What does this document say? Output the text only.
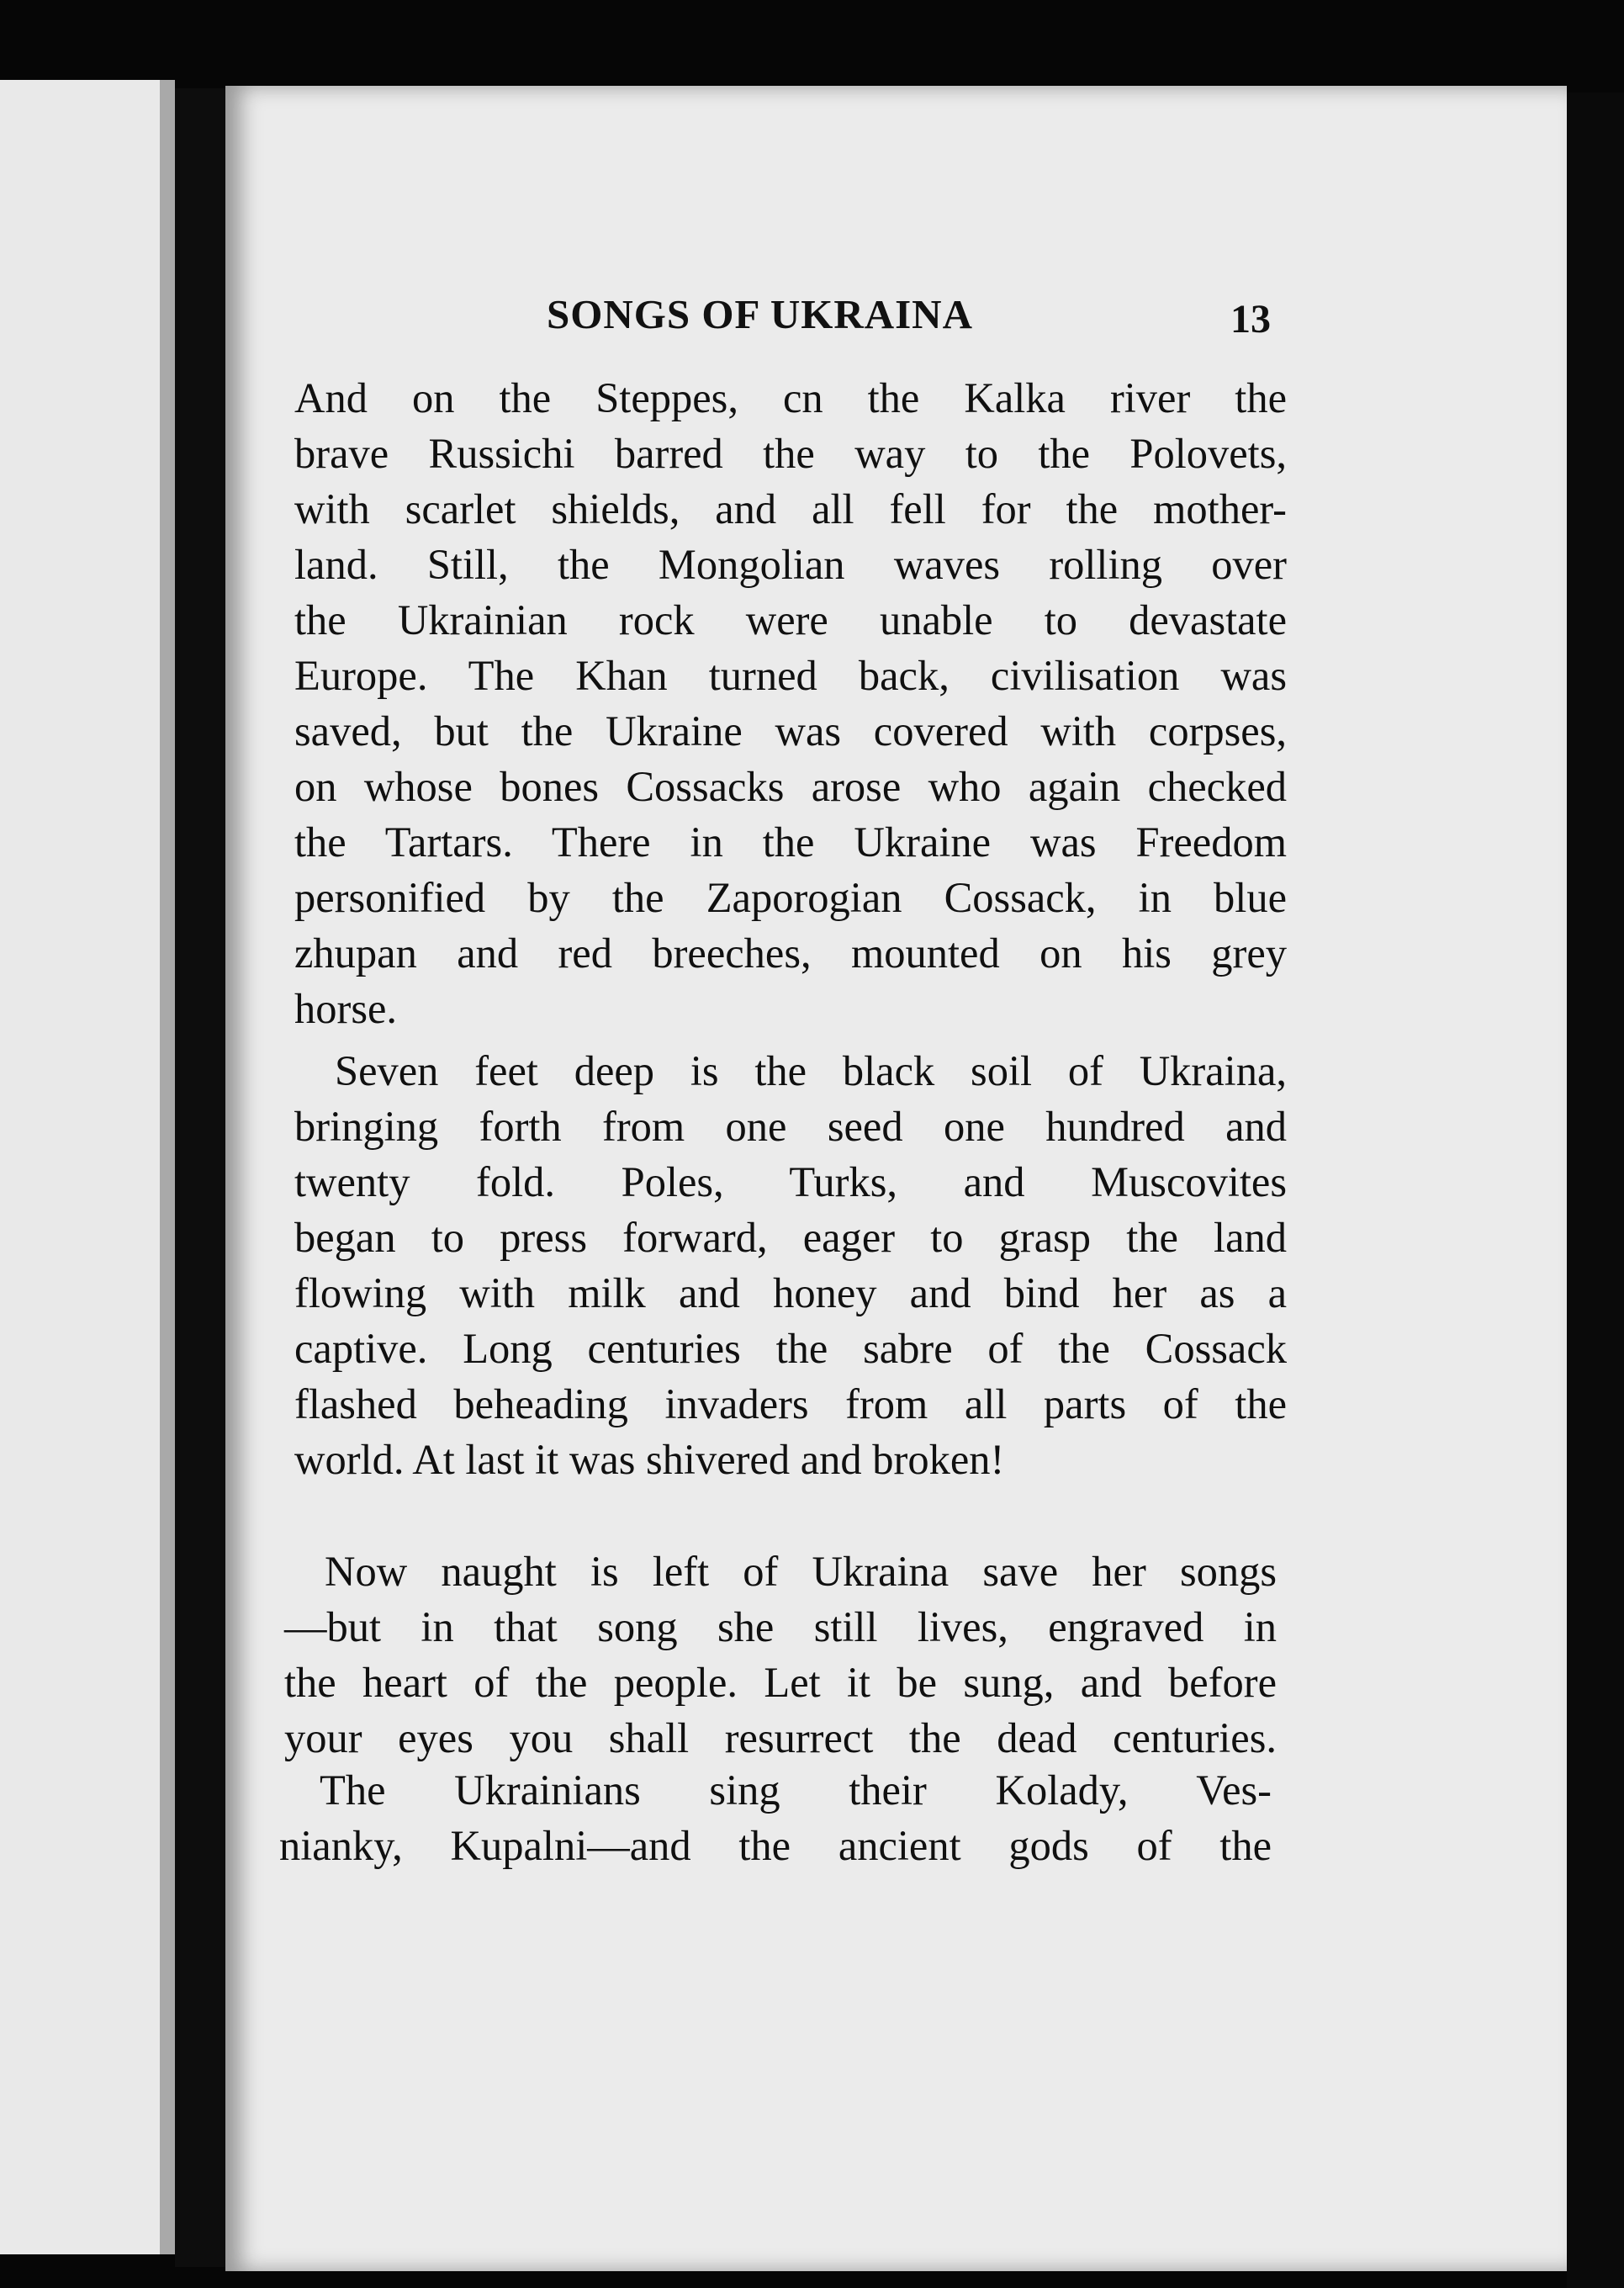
SONGS OF UKRAINA	13
And on the Steppes, cn the Kalka river the
brave Russichi barred the way to the Polovets,
with scarlet shields, and all fell for the mother-
land. Still, the Mongolian waves rolling over
the Ukrainian rock were unable to devastate
Europe. The Khan turned back, civilisation was
saved, but the Ukraine was covered with corpses,
on whose bones Cossacks arose who again checked
the Tartars. There in the Ukraine was Freedom
personified by the Zaporogian Cossack, in blue
zhupan and red breeches, mounted on his grey
horse.
Seven feet deep is the black soil of Ukraina,
bringing forth from one seed one hundred and
twenty fold. Poles, Turks, and Muscovites
began to press forward, eager to grasp the land
flowing with milk and honey and bind her as a
captive. Long centuries the sabre of the Cossack
flashed beheading invaders from all parts of the
world. At last it was shivered and broken!
Now naught is left of Ukraina save her songs
—but in that song she still lives, engraved in
the heart of the people. Let it be sung, and before
your eyes you shall resurrect the dead centuries.
The Ukrainians sing their Kolady, Ves-
nianky, Kupalni—and the ancient gods of the
